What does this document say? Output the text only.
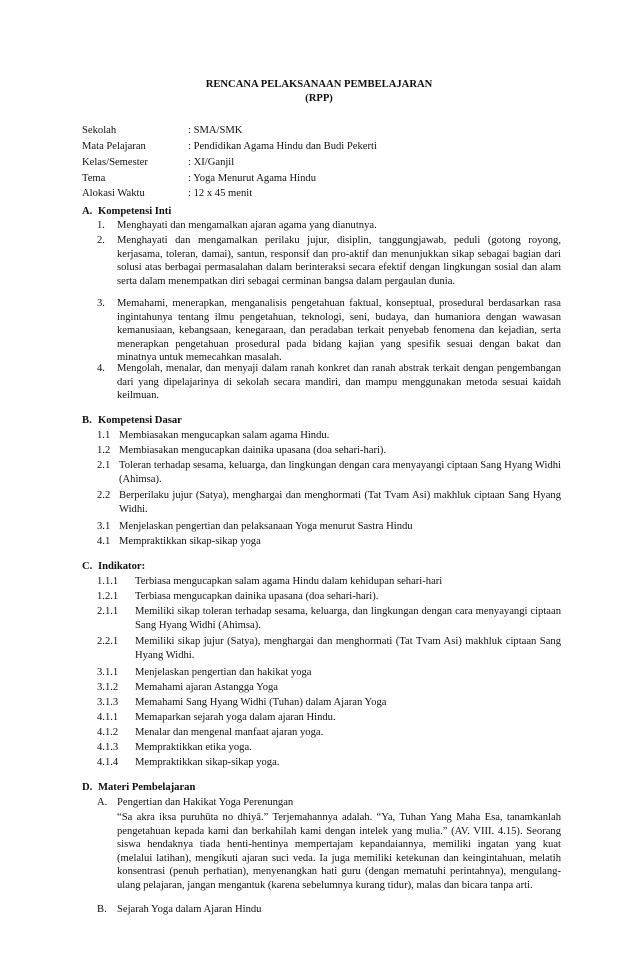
RENCANA PELAKSANAAN PEMBELAJARAN
(RPP)
Sekolah	: SMA/SMK
Mata Pelajaran	: Pendidikan Agama Hindu dan Budi Pekerti
Kelas/Semester	: XI/Ganjil
Tema	: Yoga Menurut Agama Hindu
Alokasi Waktu	: 12 x 45 menit
A. Kompetensi Inti
1. Menghayati dan mengamalkan ajaran agama yang dianutnya.
2. Menghayati dan mengamalkan perilaku jujur, disiplin, tanggungjawab, peduli (gotong royong, kerjasama, toleran, damai), santun, responsif dan pro-aktif dan menunjukkan sikap sebagai bagian dari solusi atas berbagai permasalahan dalam berinteraksi secara efektif dengan lingkungan sosial dan alam serta dalam menempatkan diri sebagai cerminan bangsa dalam pergaulan dunia.
3. Memahami, menerapkan, menganalisis pengetahuan faktual, konseptual, prosedural berdasarkan rasa ingintahunya tentang ilmu pengetahuan, teknologi, seni, budaya, dan humaniora dengan wawasan kemanusiaan, kebangsaan, kenegaraan, dan peradaban terkait penyebab fenomena dan kejadian, serta menerapkan pengetahuan prosedural pada bidang kajian yang spesifik sesuai dengan bakat dan minatnya untuk memecahkan masalah.
4. Mengolah, menalar, dan menyaji dalam ranah konkret dan ranah abstrak terkait dengan pengembangan dari yang dipelajarinya di sekolah secara mandiri, dan mampu menggunakan metoda sesuai kaidah keilmuan.
B. Kompetensi Dasar
1.1 Membiasakan mengucapkan salam agama Hindu.
1.2 Membiasakan mengucapkan dainika upasana (doa sehari-hari).
2.1 Toleran terhadap sesama, keluarga, dan lingkungan dengan cara menyayangi ciptaan Sang Hyang Widhi (Ahimsa).
2.2 Berperilaku jujur (Satya), menghargai dan menghormati (Tat Tvam Asi) makhluk ciptaan Sang Hyang Widhi.
3.1 Menjelaskan pengertian dan pelaksanaan Yoga menurut Sastra Hindu
4.1 Mempraktikkan sikap-sikap yoga
C. Indikator:
1.1.1 Terbiasa mengucapkan salam agama Hindu dalam kehidupan sehari-hari
1.2.1 Terbiasa mengucapkan dainika upasana (doa sehari-hari).
2.1.1 Memiliki sikap toleran terhadap sesama, keluarga, dan lingkungan dengan cara menyayangi ciptaan Sang Hyang Widhi (Ahimsa).
2.2.1 Memiliki sikap jujur (Satya), menghargai dan menghormati (Tat Tvam Asi) makhluk ciptaan Sang Hyang Widhi.
3.1.1 Menjelaskan pengertian dan hakikat yoga
3.1.2 Memahami ajaran Astangga Yoga
3.1.3 Memahami Sang Hyang Widhi (Tuhan) dalam Ajaran Yoga
4.1.1 Memaparkan sejarah yoga dalam ajaran Hindu.
4.1.2 Menalar dan mengenal manfaat ajaran yoga.
4.1.3 Mempraktikkan etika yoga.
4.1.4 Mempraktikkan sikap-sikap yoga.
D. Materi Pembelajaran
A. Pengertian dan Hakikat Yoga Perenungan
“Sa akra iksa puruhūta no dhiyā.” Terjemahannya adalah. “Ya, Tuhan Yang Maha Esa, tanamkanlah pengetahuan kepada kami dan berkahilah kami dengan intelek yang mulia.” (AV. VIII. 4.15). Seorang siswa hendaknya tiada henti-hentinya mempertajam kepandaiannya, memiliki ingatan yang kuat (melalui latihan), mengikuti ajaran suci veda. Ia juga memiliki ketekunan dan keingintahuan, melatih konsentrasi (penuh perhatian), menyenangkan hati guru (dengan mematuhi perintahnya), mengulang-ulang pelajaran, jangan mengantuk (karena sebelumnya kurang tidur), malas dan bicara tanpa arti.
B. Sejarah Yoga dalam Ajaran Hindu
